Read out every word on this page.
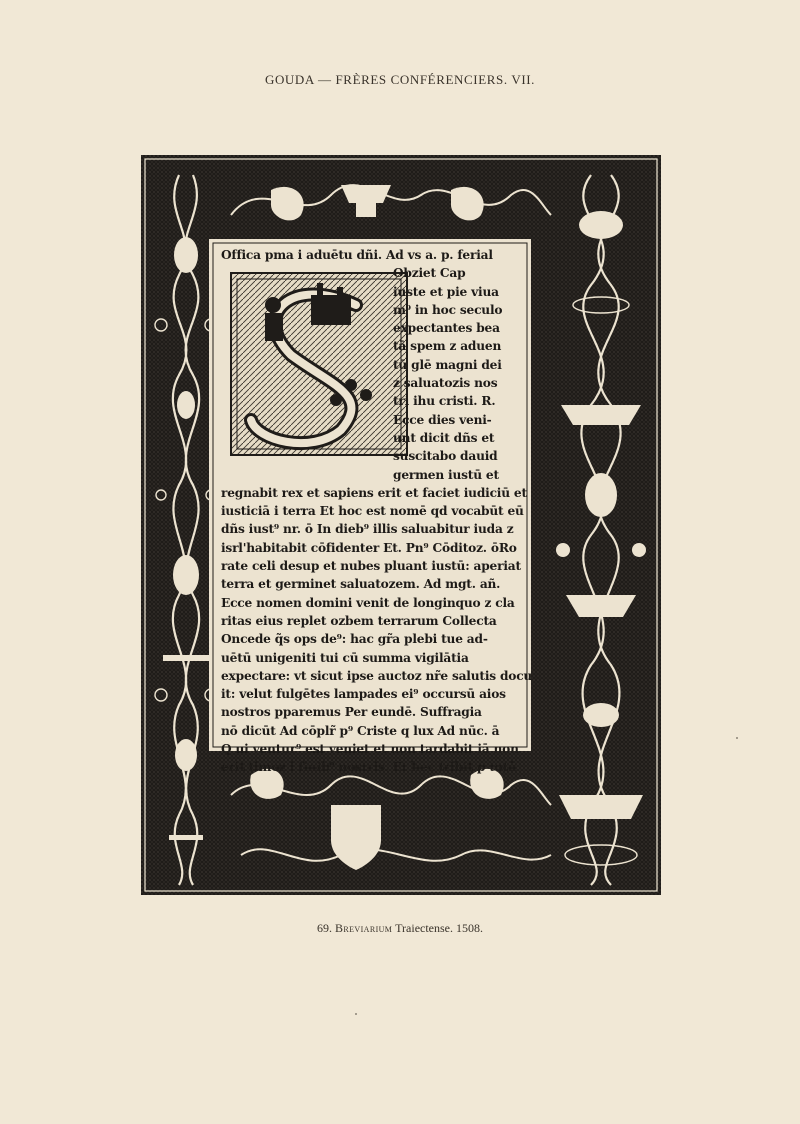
GOUDA — FRÈRES CONFÉRENCIERS. VII.
Offica pma i aduētu dñi. Ad vs a. p. ferial
Obziet Cap
iuste et pie viua
m⁹ in hoc seculo
expectantes bea
tā spem z aduen
tū glē magni dei
z saluatozis nos
tri ihu cristi. R.
Ecce dies veni-
unt dicit dñs et
suscitabo dauid
germen iustū et
regnabit rex et sapiens erit et faciet iudiciū et
iusticiā i terra Et hoc est nomē qd vocabūt eū
dñs iust⁹ nr. ō In dieb⁹ illis saluabitur iuda z
isrl'habitabit cōfidenter Et. Pn⁹ Cōditoz. ōRo
rate celi desup et nubes pluant iustū: aperiat
terra et germinet saluatozem. Ad mgt. añ.
Ecce nomen domini venit de longinquo z cla
ritas eius replet ozbem terrarum Collecta
Oncede q̃s ops de⁹: hac gr̃a plebi tue ad-
uētū unigeniti tui cū summa vigilātia
expectare: vt sicut ipse auctoz nr̃e salutis docu
it: velut fulgētes lampades ei⁹ occursū aios
nostros pparemus Per eundē. Suffragia
nō dicūt Ad cōplr̃ p⁹ Criste q lux Ad nūc. ā
Q ui ventur⁹ est veniet et non tardabit iā non
erit timoz i finib⁹ nostris. Et hec tribit p totū
69. Breviarium Traiectense. 1508.
